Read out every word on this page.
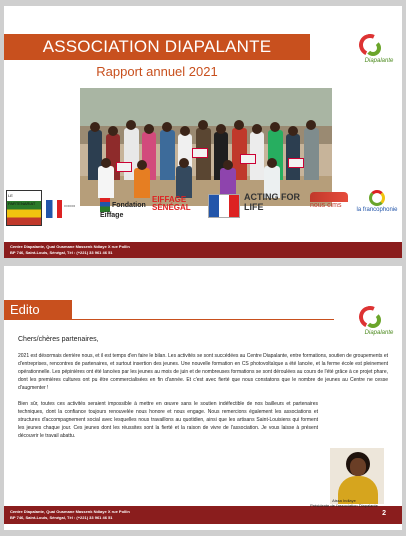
ASSOCIATION DIAPALANTE
Rapport annuel 2021
Diapalante
LE PARTENARIAT	▭▭▭	Fondation Eiffage
EIFFAGE SÉNÉGAL
ACTING FOR LIFE	nous cims
la francophonie
Centre Diapalante, Quai Ousmane Massenk Ndiaye X rue Pollin
BP 746, Saint-Louis, Sénégal, Tél : (+221) 33 961 46 51
Edito
Diapalante
Chers/chères partenaires,
2021 est désormais derrière nous, et il est temps d'en faire le bilan. Les activités se sont succédées au Centre Diapalante, entre formations, soutien de groupements et d'entreprises, rencontres de partenaires, et surtout insertion des jeunes. Une nouvelle formation en CS photovoltaïque a été lancée, et la ferme école est pleinement opérationnelle. Les pépinières ont été lancées par les jeunes au mois de juin et de nombreuses formations se sont déroulées au cours de l'été grâce à ce projet phare, dont les premières cultures ont pu être commercialisées en fin d'année. Et c'est avec fierté que nous constatons que le nombre de jeunes au Centre ne cesse d'augmenter !
Bien sûr, toutes ces activités seraient impossible à mettre en œuvre sans le soutien indéfectible de nos bailleurs et partenaires techniques, dont la confiance toujours renouvelée nous honore et nous engage. Nous remercions également les associations et structures d'accompagnement social avec lesquelles nous travaillons au quotidien, ainsi que les artisans Saint-Louisiens qui forment les jeunes chaque jour. Ces jeunes dont les réussites sont la fierté et la raison de vivre de l'association. Je vous laisse à présent découvrir le travail abattu.
Centre Diapalante, Quai Ousmane Massenk Ndiaye X rue Pollin
BP 746, Saint-Louis, Sénégal, Tél : (+221) 33 961 46 51
2
Aissa Indiaye
Présidente de l'association Diapalante
